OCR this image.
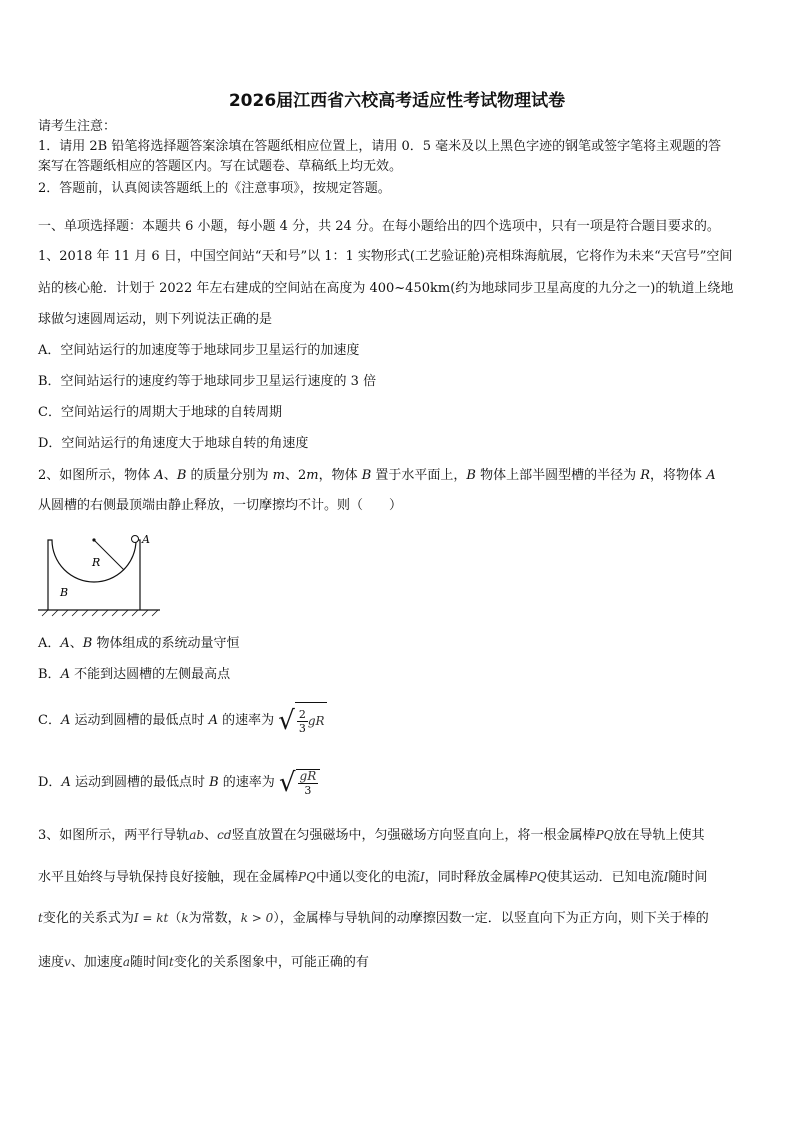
2026届江西省六校高考适应性考试物理试卷
请考生注意：
1．请用 2B 铅笔将选择题答案涂填在答题纸相应位置上，请用 0．5 毫米及以上黑色字迹的钢笔或签字笔将主观题的答
案写在答题纸相应的答题区内。写在试题卷、草稿纸上均无效。
2．答题前，认真阅读答题纸上的《注意事项》，按规定答题。
一、单项选择题：本题共 6 小题，每小题 4 分，共 24 分。在每小题给出的四个选项中，只有一项是符合题目要求的。
1、2018 年 11 月 6 日，中国空间站“天和号”以 1：1 实物形式(工艺验证舱)亮相珠海航展，它将作为未来“天宫号”空间
站的核心舱．计划于 2022 年左右建成的空间站在高度为 400~450km(约为地球同步卫星高度的九分之一)的轨道上绕地
球做匀速圆周运动，则下列说法正确的是
A．空间站运行的加速度等于地球同步卫星运行的加速度
B．空间站运行的速度约等于地球同步卫星运行速度的 3 倍
C．空间站运行的周期大于地球的自转周期
D．空间站运行的角速度大于地球自转的角速度
2、如图所示，物体 A、B 的质量分别为 m、2m，物体 B 置于水平面上，B 物体上部半圆型槽的半径为 R，将物体 A
从圆槽的右侧最顶端由静止释放，一切摩擦均不计。则（　　）
A
R
B
A．A、B 物体组成的系统动量守恒
B．A 不能到达圆槽的左侧最高点
C．A 运动到圆槽的最低点时 A 的速率为 √ $\frac{2}{3}$ gR
D．A 运动到圆槽的最低点时 B 的速率为 √ $\frac{gR}{3}$
3、如图所示，两平行导轨ab、cd竖直放置在匀强磁场中，匀强磁场方向竖直向上，将一根金属棒PQ放在导轨上使其
水平且始终与导轨保持良好接触，现在金属棒PQ中通以变化的电流I，同时释放金属棒PQ使其运动．已知电流I随时间
t变化的关系式为I = kt（k为常数，k > 0），金属棒与导轨间的动摩擦因数一定．以竖直向下为正方向，则下关于棒的
速度v、加速度a随时间t变化的关系图象中，可能正确的有
